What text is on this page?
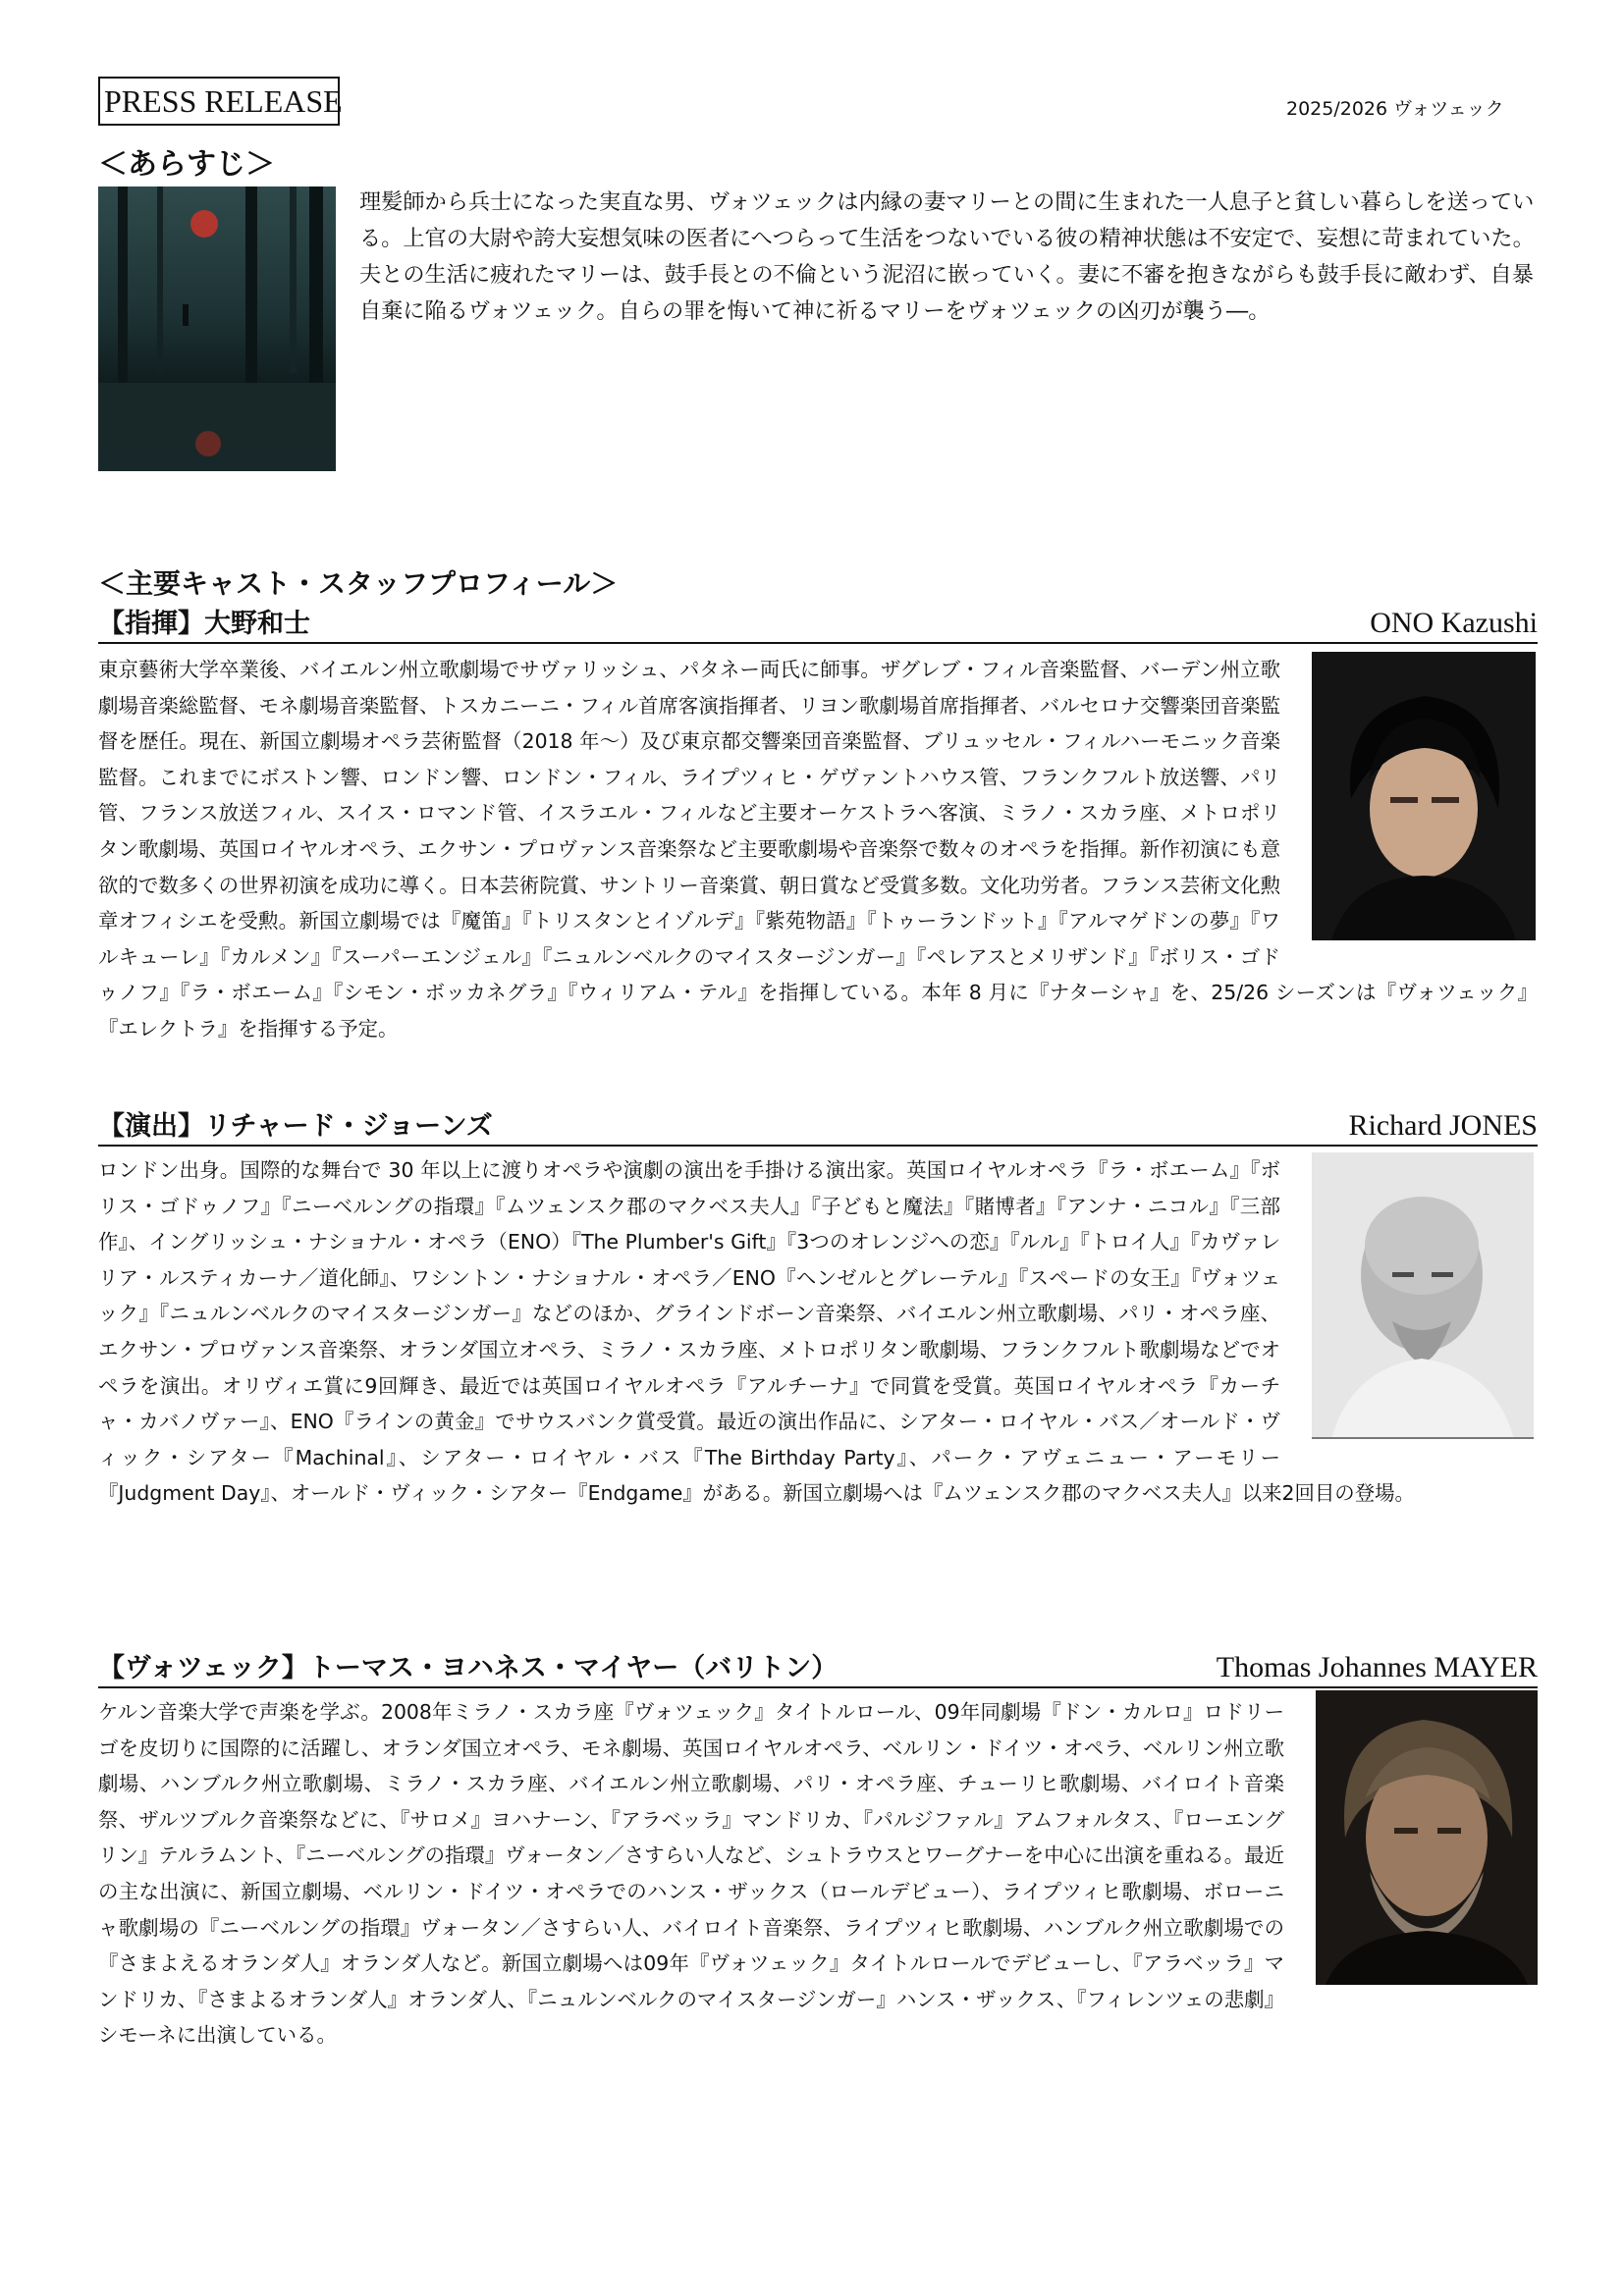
PRESS RELEASE	2025/2026 ヴォツェック
＜あらすじ＞
理髪師から兵士になった実直な男、ヴォツェックは内縁の妻マリーとの間に生まれた一人息子と貧しい暮らしを送っている。上官の大尉や誇大妄想気味の医者にへつらって生活をつないでいる彼の精神状態は不安定で、妄想に苛まれていた。夫との生活に疲れたマリーは、鼓手長との不倫という泥沼に嵌っていく。妻に不審を抱きながらも鼓手長に敵わず、自暴自棄に陥るヴォツェック。自らの罪を悔いて神に祈るマリーをヴォツェックの凶刃が襲う―。
＜主要キャスト・スタッフプロフィール＞
【指揮】大野和士	ONO Kazushi
東京藝術大学卒業後、バイエルン州立歌劇場でサヴァリッシュ、パタネー両氏に師事。ザグレブ・フィル音楽監督、バーデン州立歌劇場音楽総監督、モネ劇場音楽監督、トスカニーニ・フィル首席客演指揮者、リヨン歌劇場首席指揮者、バルセロナ交響楽団音楽監督を歴任。現在、新国立劇場オペラ芸術監督（2018 年～）及び東京都交響楽団音楽監督、ブリュッセル・フィルハーモニック音楽監督。これまでにボストン響、ロンドン響、ロンドン・フィル、ライプツィヒ・ゲヴァントハウス管、フランクフルト放送響、パリ管、フランス放送フィル、スイス・ロマンド管、イスラエル・フィルなど主要オーケストラへ客演、ミラノ・スカラ座、メトロポリタン歌劇場、英国ロイヤルオペラ、エクサン・プロヴァンス音楽祭など主要歌劇場や音楽祭で数々のオペラを指揮。新作初演にも意欲的で数多くの世界初演を成功に導く。日本芸術院賞、サントリー音楽賞、朝日賞など受賞多数。文化功労者。フランス芸術文化勲章オフィシエを受勲。新国立劇場では『魔笛』『トリスタンとイゾルデ』『紫苑物語』『トゥーランドット』『アルマゲドンの夢』『ワルキューレ』『カルメン』『スーパーエンジェル』『ニュルンベルクのマイスタージンガー』『ペレアスとメリザンド』『ボリス・ゴドゥノフ』『ラ・ボエーム』『シモン・ボッカネグラ』『ウィリアム・テル』を指揮している。本年 8 月に『ナターシャ』を、25/26 シーズンは『ヴォツェック』『エレクトラ』を指揮する予定。
【演出】リチャード・ジョーンズ	Richard JONES
ロンドン出身。国際的な舞台で 30 年以上に渡りオペラや演劇の演出を手掛ける演出家。英国ロイヤルオペラ『ラ・ボエーム』『ボリス・ゴドゥノフ』『ニーベルングの指環』『ムツェンスク郡のマクベス夫人』『子どもと魔法』『賭博者』『アンナ・ニコル』『三部作』、イングリッシュ・ナショナル・オペラ（ENO）『The Plumber's Gift』『3つのオレンジへの恋』『ルル』『トロイ人』『カヴァレリア・ルスティカーナ／道化師』、ワシントン・ナショナル・オペラ／ENO『ヘンゼルとグレーテル』『スペードの女王』『ヴォツェック』『ニュルンベルクのマイスタージンガー』などのほか、グラインドボーン音楽祭、バイエルン州立歌劇場、パリ・オペラ座、エクサン・プロヴァンス音楽祭、オランダ国立オペラ、ミラノ・スカラ座、メトロポリタン歌劇場、フランクフルト歌劇場などでオペラを演出。オリヴィエ賞に9回輝き、最近では英国ロイヤルオペラ『アルチーナ』で同賞を受賞。英国ロイヤルオペラ『カーチャ・カバノヴァー』、ENO『ラインの黄金』でサウスバンク賞受賞。最近の演出作品に、シアター・ロイヤル・バス／オールド・ヴィック・シアター『Machinal』、シアター・ロイヤル・バス『The Birthday Party』、パーク・アヴェニュー・アーモリー『Judgment Day』、オールド・ヴィック・シアター『Endgame』がある。新国立劇場へは『ムツェンスク郡のマクベス夫人』以来2回目の登場。
【ヴォツェック】トーマス・ヨハネス・マイヤー（バリトン）	Thomas Johannes MAYER
ケルン音楽大学で声楽を学ぶ。2008年ミラノ・スカラ座『ヴォツェック』タイトルロール、09年同劇場『ドン・カルロ』ロドリーゴを皮切りに国際的に活躍し、オランダ国立オペラ、モネ劇場、英国ロイヤルオペラ、ベルリン・ドイツ・オペラ、ベルリン州立歌劇場、ハンブルク州立歌劇場、ミラノ・スカラ座、バイエルン州立歌劇場、パリ・オペラ座、チューリヒ歌劇場、バイロイト音楽祭、ザルツブルク音楽祭などに、『サロメ』ヨハナーン、『アラベッラ』マンドリカ、『パルジファル』アムフォルタス、『ローエングリン』テルラムント、『ニーベルングの指環』ヴォータン／さすらい人など、シュトラウスとワーグナーを中心に出演を重ねる。最近の主な出演に、新国立劇場、ベルリン・ドイツ・オペラでのハンス・ザックス（ロールデビュー）、ライプツィヒ歌劇場、ボローニャ歌劇場の『ニーベルングの指環』ヴォータン／さすらい人、バイロイト音楽祭、ライプツィヒ歌劇場、ハンブルク州立歌劇場での『さまよえるオランダ人』オランダ人など。新国立劇場へは09年『ヴォツェック』タイトルロールでデビューし、『アラベッラ』マンドリカ、『さまよるオランダ人』オランダ人、『ニュルンベルクのマイスタージンガー』ハンス・ザックス、『フィレンツェの悲劇』シモーネに出演している。
